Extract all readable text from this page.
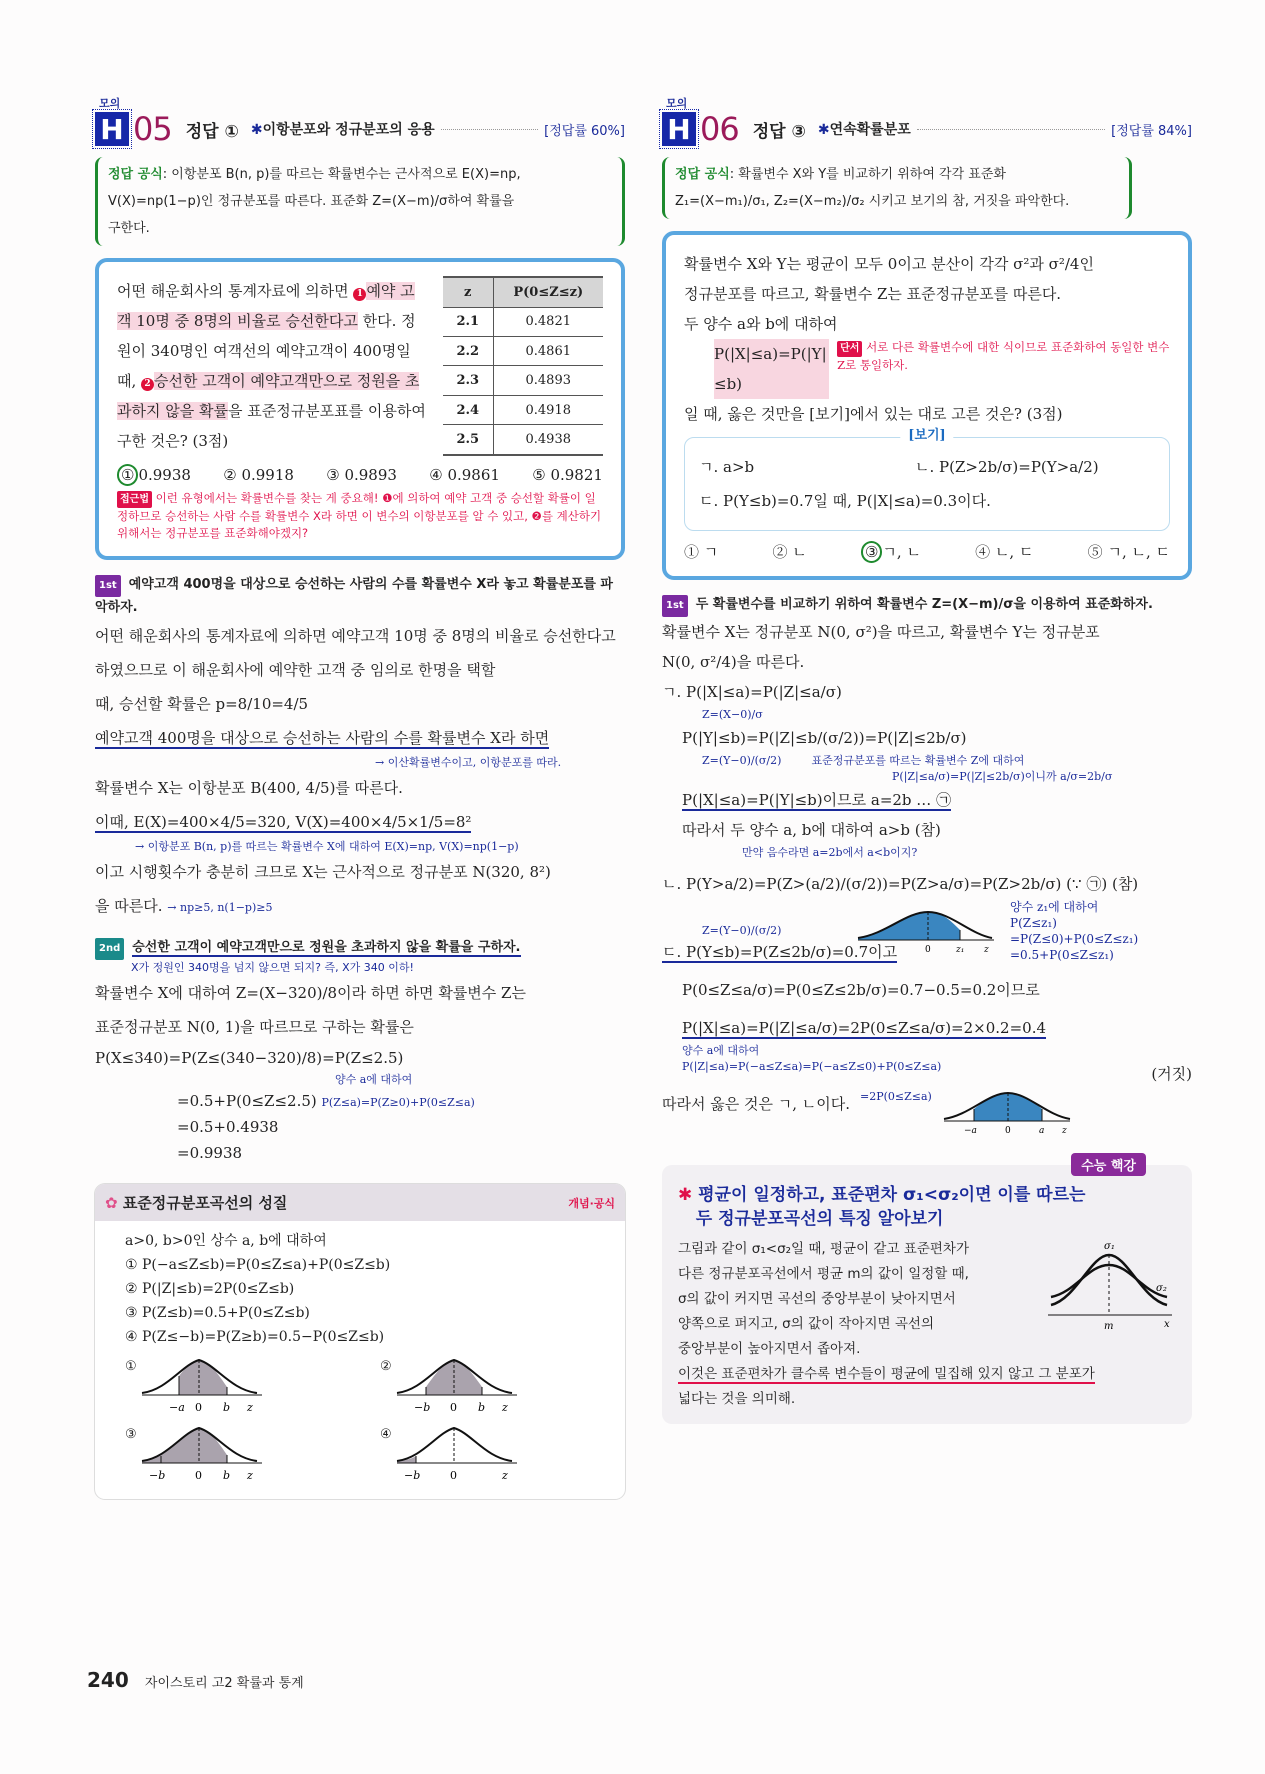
모의
H 05 정답 ① ✱이항분포와 정규분포의 응용	[정답률 60%]
정답 공식: 이항분포 B(n, p)를 따르는 확률변수는 근사적으로 E(X)=np,
V(X)=np(1−p)인 정규분포를 따른다. 표준화 Z=(X−m)/σ하여 확률을
구한다.
어떤 해운회사의 통계자료에 의하면 1 예약 고객 10명 중 8명의 비율로 승선한다고 한다. 정원이 340명인 여객선의 예약고객이 400명일 때, 2 승선한 고객이 예약고객만으로 정원을 초과하지 않을 확률을 표준정규분포표를 이용하여 구한 것은? (3점)
z	P(0≤Z≤z)
2.1	0.4821
2.2	0.4861
2.3	0.4893
2.4	0.4918
2.5	0.4938
① 0.9938 ② 0.9918 ③ 0.9893 ④ 0.9861 ⑤ 0.9821
접근법 이런 유형에서는 확률변수를 찾는 게 중요해! ❶에 의하여 예약 고객 중 승선할 확률이 일정하므로 승선하는 사람 수를 확률변수 X라 하면 이 변수의 이항분포를 알 수 있고, ❷를 계산하기 위해서는 정규분포를 표준화해야겠지?
1st 예약고객 400명을 대상으로 승선하는 사람의 수를 확률변수 X라 놓고 확률분포를 파악하자.
어떤 해운회사의 통계자료에 의하면 예약고객 10명 중 8명의 비율로 승선한다고 하였으므로 이 해운회사에 예약한 고객 중 임의로 한명을 택할
때, 승선할 확률은 p=8/10=4/5
예약고객 400명을 대상으로 승선하는 사람의 수를 확률변수 X라 하면
→ 이산확률변수이고, 이항분포를 따라.
확률변수 X는 이항분포 B(400, 4/5)를 따른다.
이때, E(X)=400×4/5=320, V(X)=400×4/5×1/5=8²
→ 이항분포 B(n, p)를 따르는 확률변수 X에 대하여 E(X)=np, V(X)=np(1−p)
이고 시행횟수가 충분히 크므로 X는 근사적으로 정규분포 N(320, 8²)
을 따른다. → np≥5, n(1−p)≥5
2nd 승선한 고객이 예약고객만으로 정원을 초과하지 않을 확률을 구하자.
X가 정원인 340명을 넘지 않으면 되지? 즉, X가 340 이하!
확률변수 X에 대하여 Z=(X−320)/8이라 하면 하면 확률변수 Z는
표준정규분포 N(0, 1)을 따르므로 구하는 확률은
P(X≤340)=P(Z≤(340−320)/8)=P(Z≤2.5)
양수 a에 대하여
=0.5+P(0≤Z≤2.5) P(Z≤a)=P(Z≥0)+P(0≤Z≤a)
=0.5+0.4938
=0.9938
✿ 표준정규분포곡선의 성질	개념·공식
a>0, b>0인 상수 a, b에 대하여
① P(−a≤Z≤b)=P(0≤Z≤a)+P(0≤Z≤b)
② P(|Z|≤b)=2P(0≤Z≤b)
③ P(Z≤b)=0.5+P(0≤Z≤b)
④ P(Z≤−b)=P(Z≥b)=0.5−P(0≤Z≤b)
①
−a 0 b z
②
−b 0 b z
③
−b	0 b z
④
−b	0	z
모의
H 06 정답 ③ ✱연속확률분포	[정답률 84%]
정답 공식: 확률변수 X와 Y를 비교하기 위하여 각각 표준화
Z₁=(X−m₁)/σ₁, Z₂=(X−m₂)/σ₂ 시키고 보기의 참, 거짓을 파악한다.
확률변수 X와 Y는 평균이 모두 0이고 분산이 각각 σ²과 σ²/4인
정규분포를 따르고, 확률변수 Z는 표준정규분포를 따른다.
두 양수 a와 b에 대하여
P(|X|≤a)=P(|Y|≤b)
단서 서로 다른 확률변수에 대한 식이므로 표준화하여 동일한 변수 Z로 통일하자.
일 때, 옳은 것만을 [보기]에서 있는 대로 고른 것은? (3점)
[보기]
ㄱ. a>b	ㄴ. P(Z>2b/σ)=P(Y>a/2)
ㄷ. P(Y≤b)=0.7일 때, P(|X|≤a)=0.3이다.
① ㄱ	② ㄴ	③ ㄱ, ㄴ	④ ㄴ, ㄷ	⑤ ㄱ, ㄴ, ㄷ
1st 두 확률변수를 비교하기 위하여 확률변수 Z=(X−m)/σ을 이용하여 표준화하자.
확률변수 X는 정규분포 N(0, σ²)을 따르고, 확률변수 Y는 정규분포
N(0, σ²/4)을 따른다.
ㄱ. P(|X|≤a)=P(|Z|≤a/σ)
Z=(X−0)/σ
P(|Y|≤b)=P(|Z|≤b/(σ/2))=P(|Z|≤2b/σ)
Z=(Y−0)/(σ/2)	표준정규분포를 따르는 확률변수 Z에 대하여
P(|Z|≤a/σ)=P(|Z|≤2b/σ)이니까 a/σ=2b/σ
P(|X|≤a)=P(|Y|≤b)이므로 a=2b … ㉠
따라서 두 양수 a, b에 대하여 a>b (참)
만약 음수라면 a=2b에서 a<b이지?
ㄴ. P(Y>a/2)=P(Z>(a/2)/(σ/2))=P(Z>a/σ)=P(Z>2b/σ) (∵ ㉠) (참)
Z=(Y−0)/(σ/2)
0	z₁ z
양수 z₁에 대하여
P(Z≤z₁)
=P(Z≤0)+P(0≤Z≤z₁)
=0.5+P(0≤Z≤z₁)
ㄷ. P(Y≤b)=P(Z≤2b/σ)=0.7이고
P(0≤Z≤a/σ)=P(0≤Z≤2b/σ)=0.7−0.5=0.2이므로
P(|X|≤a)=P(|Z|≤a/σ)=2P(0≤Z≤a/σ)=2×0.2=0.4
양수 a에 대하여
P(|Z|≤a)=P(−a≤Z≤a)=P(−a≤Z≤0)+P(0≤Z≤a)	(거짓)
따라서 옳은 것은 ㄱ, ㄴ이다. =2P(0≤Z≤a)
−a	0	a z
수능 핵강
✱ 평균이 일정하고, 표준편차 σ₁<σ₂이면 이를 따르는
두 정규분포곡선의 특징 알아보기
그림과 같이 σ₁<σ₂일 때, 평균이 같고 표준편차가
다른 정규분포곡선에서 평균 m의 값이 일정할 때,
σ의 값이 커지면 곡선의 중앙부분이 낮아지면서
양쪽으로 퍼지고, σ의 값이 작아지면 곡선의
중앙부분이 높아지면서 좁아져.
σ₁
σ₂
m	x
이것은 표준편차가 클수록 변수들이 평균에 밀집해 있지 않고 그 분포가
넓다는 것을 의미해.
240 자이스토리 고2 확률과 통계
